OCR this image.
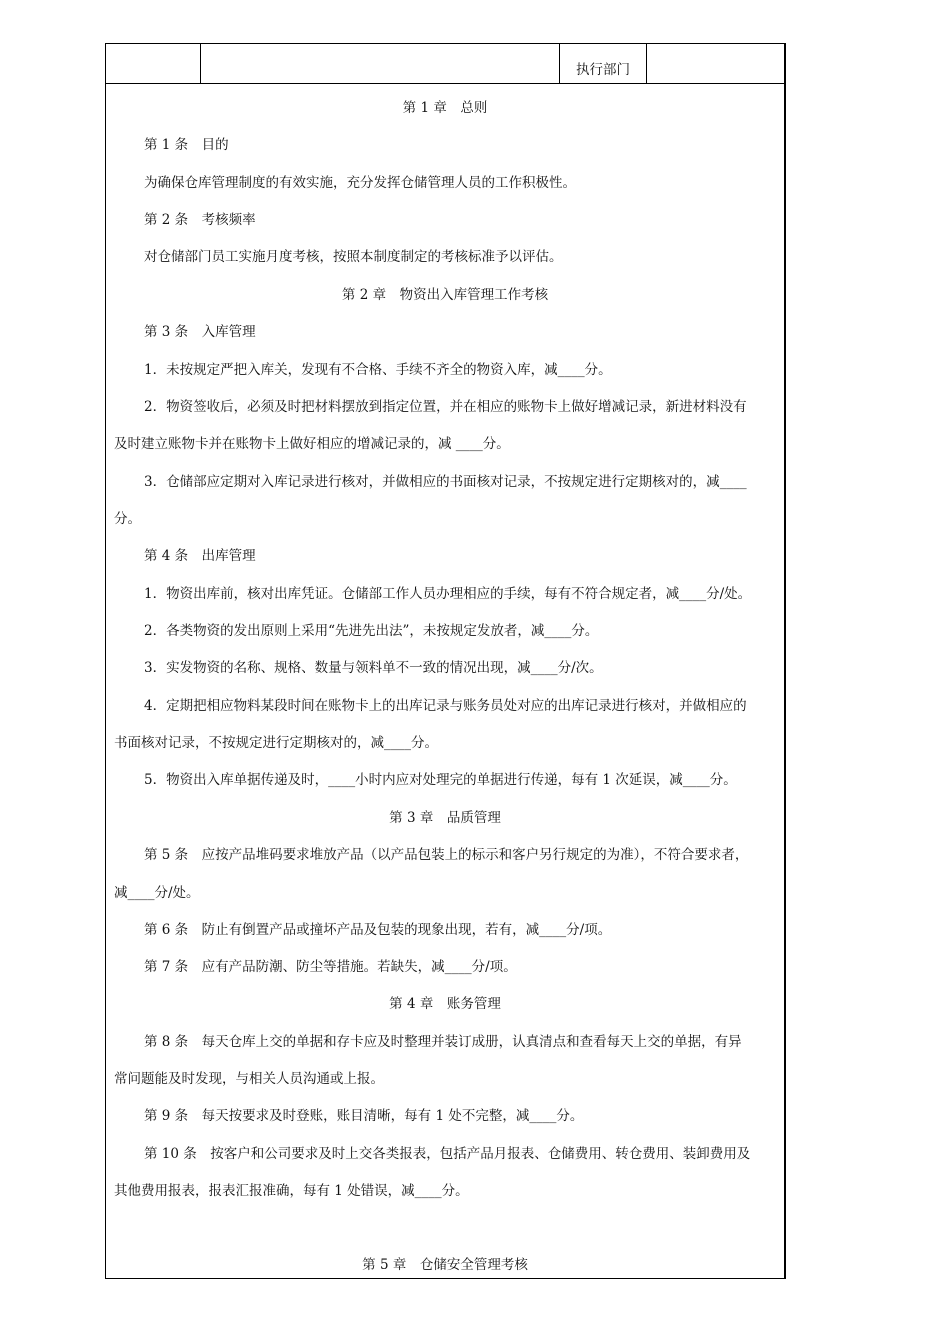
执行部门
第 1 章　总则
第 1 条　目的
为确保仓库管理制度的有效实施，充分发挥仓储管理人员的工作积极性。
第 2 条　考核频率
对仓储部门员工实施月度考核，按照本制度制定的考核标准予以评估。
第 2 章　物资出入库管理工作考核
第 3 条　入库管理
1．未按规定严把入库关，发现有不合格、手续不齐全的物资入库，减____分。
2．物资签收后，必须及时把材料摆放到指定位置，并在相应的账物卡上做好增减记录，新进材料没有
及时建立账物卡并在账物卡上做好相应的增减记录的，减 ____分。
3．仓储部应定期对入库记录进行核对，并做相应的书面核对记录，不按规定进行定期核对的，减____
分。
第 4 条　出库管理
1．物资出库前，核对出库凭证。仓储部工作人员办理相应的手续，每有不符合规定者，减____分/处。
2．各类物资的发出原则上采用“先进先出法”，未按规定发放者，减____分。
3．实发物资的名称、规格、数量与领料单不一致的情况出现，减____分/次。
4．定期把相应物料某段时间在账物卡上的出库记录与账务员处对应的出库记录进行核对，并做相应的
书面核对记录，不按规定进行定期核对的，减____分。
5．物资出入库单据传递及时，____小时内应对处理完的单据进行传递，每有 1 次延误，减____分。
第 3 章　品质管理
第 5 条　应按产品堆码要求堆放产品（以产品包装上的标示和客户另行规定的为准），不符合要求者，
减____分/处。
第 6 条　防止有倒置产品或撞坏产品及包装的现象出现，若有，减____分/项。
第 7 条　应有产品防潮、防尘等措施。若缺失，减____分/项。
第 4 章　账务管理
第 8 条　每天仓库上交的单据和存卡应及时整理并装订成册，认真清点和查看每天上交的单据，有异
常问题能及时发现，与相关人员沟通或上报。
第 9 条　每天按要求及时登账，账目清晰，每有 1 处不完整，减____分。
第 10 条　按客户和公司要求及时上交各类报表，包括产品月报表、仓储费用、转仓费用、装卸费用及
其他费用报表，报表汇报准确，每有 1 处错误，减____分。
第 5 章　仓储安全管理考核
